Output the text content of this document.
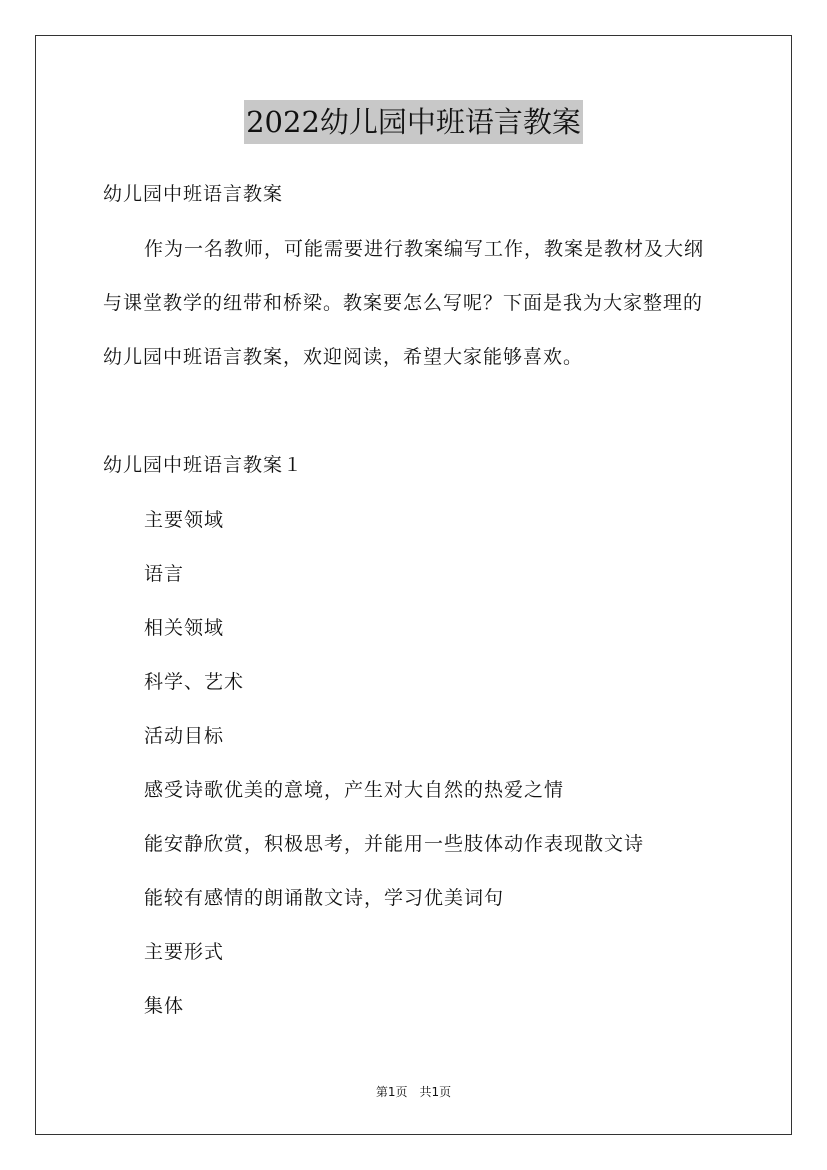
2022幼儿园中班语言教案
幼儿园中班语言教案
作为一名教师，可能需要进行教案编写工作，教案是教材及大纲
与课堂教学的纽带和桥梁。教案要怎么写呢？下面是我为大家整理的
幼儿园中班语言教案，欢迎阅读，希望大家能够喜欢。
幼儿园中班语言教案１
主要领域
语言
相关领域
科学、艺术
活动目标
感受诗歌优美的意境，产生对大自然的热爱之情
能安静欣赏，积极思考，并能用一些肢体动作表现散文诗
能较有感情的朗诵散文诗，学习优美词句
主要形式
集体
第1页　共1页
